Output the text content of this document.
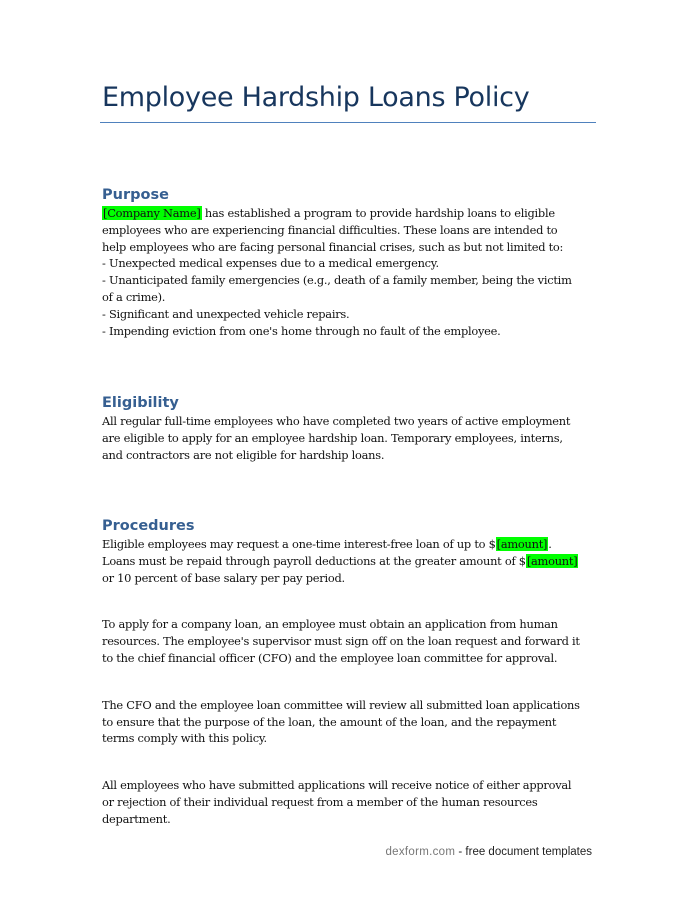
Employee Hardship Loans Policy
Purpose

[Company Name] has established a program to provide hardship loans to eligible employees who are experiencing financial difficulties. These loans are intended to help employees who are facing personal financial crises, such as but not limited to:

- Unexpected medical expenses due to a medical emergency.

- Unanticipated family emergencies (e.g., death of a family member, being the victim of a crime).

- Significant and unexpected vehicle repairs.

- Impending eviction from one's home through no fault of the employee.

Eligibility

All regular full-time employees who have completed two years of active employment are eligible to apply for an employee hardship loan. Temporary employees, interns, and contractors are not eligible for hardship loans.

Procedures

Eligible employees may request a one-time interest-free loan of up to $[amount]. Loans must be repaid through payroll deductions at the greater amount of $[amount] or 10 percent of base salary per pay period.

To apply for a company loan, an employee must obtain an application from human resources. The employee's supervisor must sign off on the loan request and forward it to the chief financial officer (CFO) and the employee loan committee for approval.

The CFO and the employee loan committee will review all submitted loan applications to ensure that the purpose of the loan, the amount of the loan, and the repayment terms comply with this policy.

All employees who have submitted applications will receive notice of either approval or rejection of their individual request from a member of the human resources department.

dexform.com - free document templates
